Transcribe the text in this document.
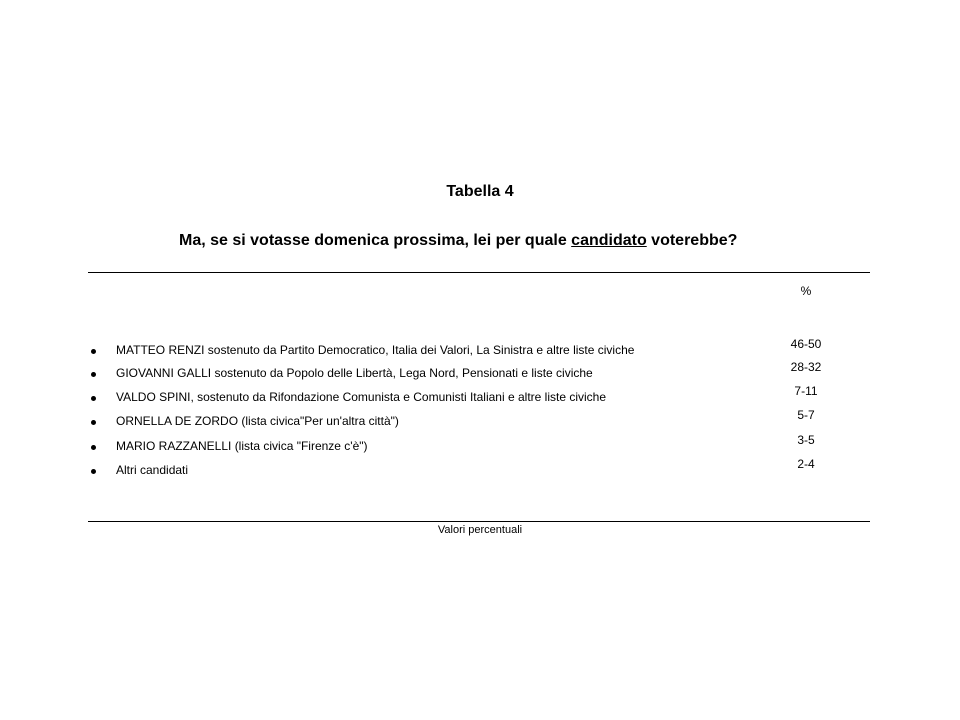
Tabella 4
Ma, se si votasse domenica prossima, lei per quale candidato voterebbe?
%
MATTEO RENZI sostenuto da Partito Democratico, Italia dei Valori, La Sinistra e altre liste civiche	46-50
GIOVANNI GALLI sostenuto da Popolo delle Libertà, Lega Nord, Pensionati e liste civiche	28-32
VALDO SPINI, sostenuto da Rifondazione Comunista e Comunisti Italiani e altre liste civiche	7-11
ORNELLA DE ZORDO (lista civica"Per un'altra città")	5-7
MARIO RAZZANELLI (lista civica "Firenze c'è")	3-5
Altri candidati	2-4
Valori percentuali
